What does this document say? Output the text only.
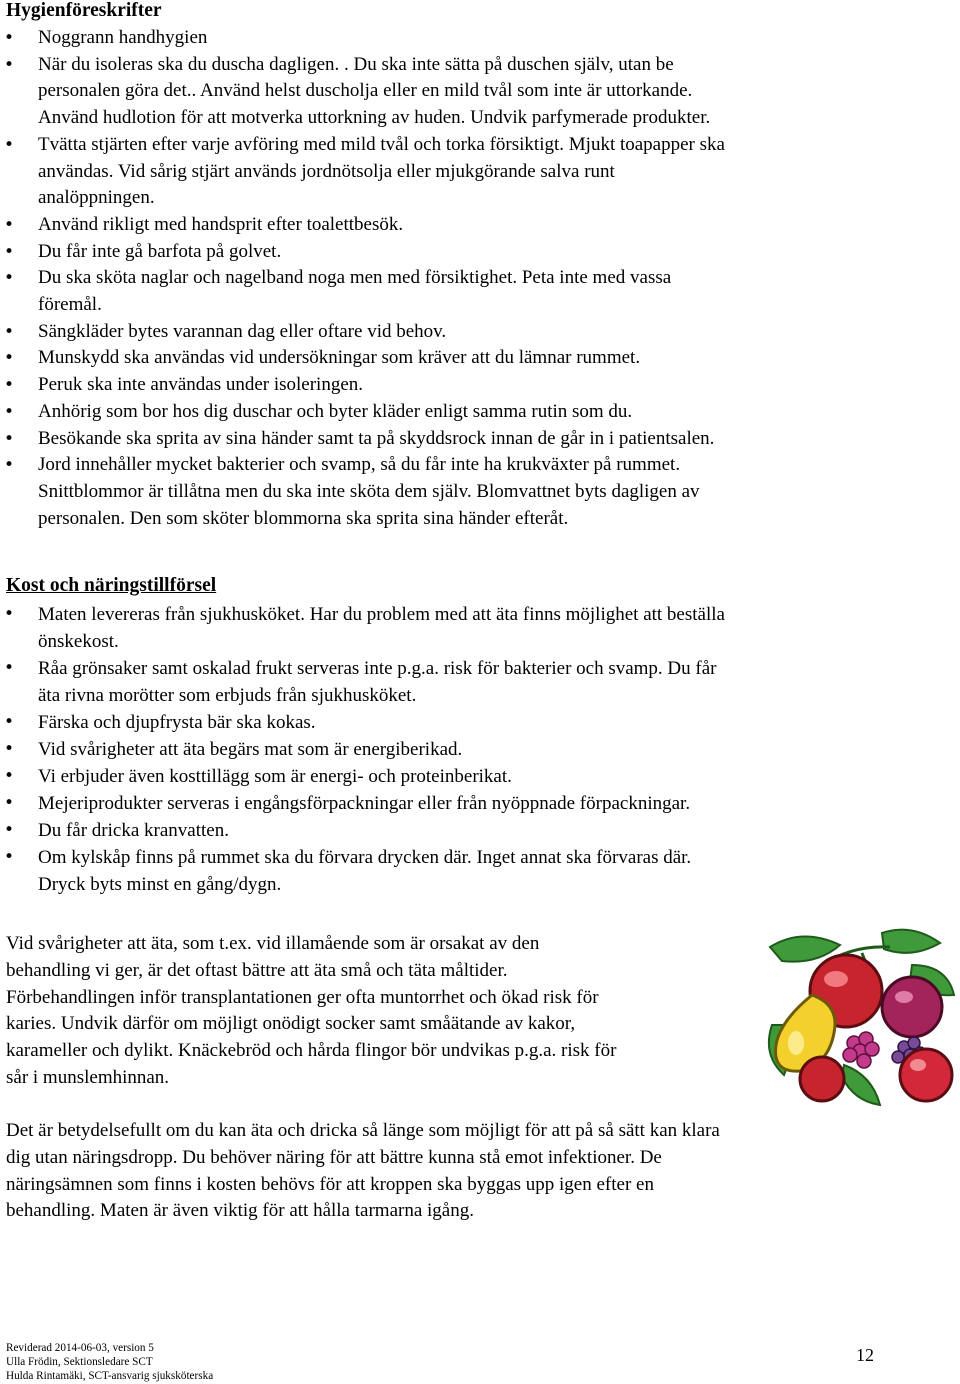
Hygienföreskrifter
• Noggrann handhygien
• När du isoleras ska du duscha dagligen. . Du ska inte sätta på duschen själv, utan be
personalen göra det.. Använd helst duscholja eller en mild tvål som inte är uttorkande.
Använd hudlotion för att motverka uttorkning av huden. Undvik parfymerade produkter.
• Tvätta stjärten efter varje avföring med mild tvål och torka försiktigt. Mjukt toapapper ska
användas. Vid sårig stjärt används jordnötsolja eller mjukgörande salva runt
analöppningen.
• Använd rikligt med handsprit efter toalettbesök.
• Du får inte gå barfota på golvet.
• Du ska sköta naglar och nagelband noga men med försiktighet. Peta inte med vassa
föremål.
• Sängkläder bytes varannan dag eller oftare vid behov.
• Munskydd ska användas vid undersökningar som kräver att du lämnar rummet.
• Peruk ska inte användas under isoleringen.
• Anhörig som bor hos dig duschar och byter kläder enligt samma rutin som du.
• Besökande ska sprita av sina händer samt ta på skyddsrock innan de går in i patientsalen.
• Jord innehåller mycket bakterier och svamp, så du får inte ha krukväxter på rummet.
Snittblommor är tillåtna men du ska inte sköta dem själv. Blomvattnet byts dagligen av
personalen. Den som sköter blommorna ska sprita sina händer efteråt.
Kost och näringstillförsel
• Maten levereras från sjukhusköket. Har du problem med att äta finns möjlighet att beställa
önskekost.
• Råa grönsaker samt oskalad frukt serveras inte p.g.a. risk för bakterier och svamp. Du får
äta rivna morötter som erbjuds från sjukhusköket.
• Färska och djupfrysta bär ska kokas.
• Vid svårigheter att äta begärs mat som är energiberikad.
• Vi erbjuder även kosttillägg som är energi- och proteinberikat.
• Mejeriprodukter serveras i engångsförpackningar eller från nyöppnade förpackningar.
• Du får dricka kranvatten.
• Om kylskåp finns på rummet ska du förvara drycken där. Inget annat ska förvaras där.
Dryck byts minst en gång/dygn.

Vid svårigheter att äta, som t.ex. vid illamående som är orsakat av den
behandling vi ger, är det oftast bättre att äta små och täta måltider.
Förbehandlingen inför transplantationen ger ofta muntorrhet och ökad risk för
karies. Undvik därför om möjligt onödigt socker samt småätande av kakor,
karameller och dylikt. Knäckebröd och hårda flingor bör undvikas p.g.a. risk för
sår i munslemhinnan.

Det är betydelsefullt om du kan äta och dricka så länge som möjligt för att på så sätt kan klara
dig utan näringsdropp. Du behöver näring för att bättre kunna stå emot infektioner. De
näringsämnen som finns i kosten behövs för att kroppen ska byggas upp igen efter en
behandling. Maten är även viktig för att hålla tarmarna igång.

Reviderad 2014-06-03, version 5
Ulla Frödin, Sektionsledare SCT
Hulda Rintamäki, SCT-ansvarig sjuksköterska
12
